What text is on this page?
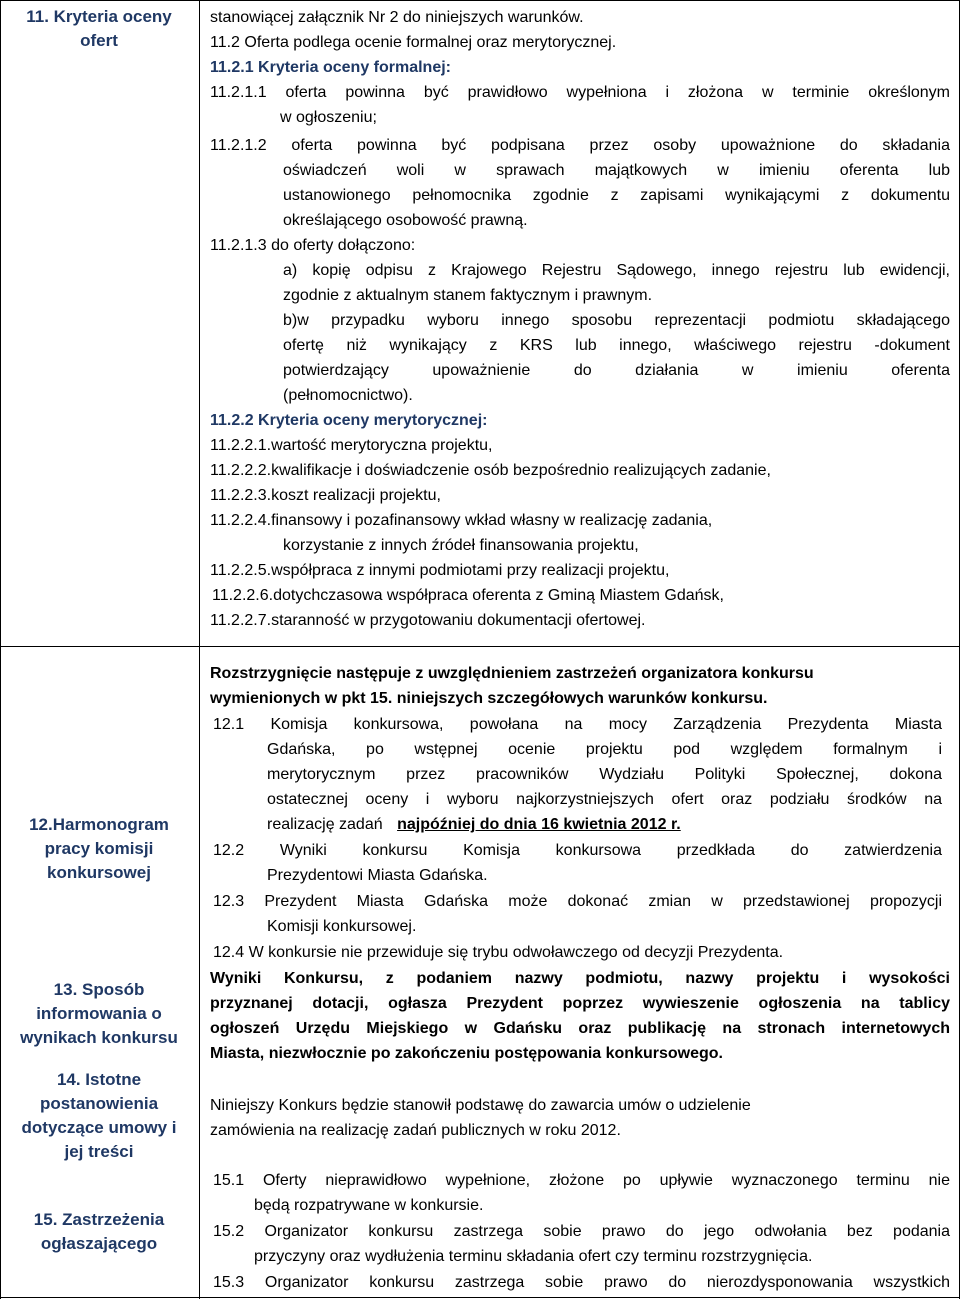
11. Kryteria oceny
ofert
12.Harmonogram
pracy komisji
konkursowej
13. Sposób
informowania o
wynikach konkursu
14. Istotne
postanowienia
dotyczące umowy i
jej treści
15. Zastrzeżenia
ogłaszającego
stanowiącej załącznik Nr 2 do niniejszych warunków.
11.2 Oferta podlega ocenie formalnej oraz merytorycznej.
11.2.1 Kryteria oceny formalnej:
11.2.1.1 oferta powinna być prawidłowo wypełniona i złożona w terminie określonym
w ogłoszeniu;
11.2.1.2 oferta powinna być podpisana przez osoby upoważnione do składania
oświadczeń woli w sprawach majątkowych w imieniu oferenta lub
ustanowionego pełnomocnika zgodnie z zapisami wynikającymi z dokumentu
określającego osobowość prawną.
11.2.1.3 do oferty dołączono:
a) kopię odpisu z Krajowego Rejestru Sądowego, innego rejestru lub ewidencji,
zgodnie z aktualnym stanem faktycznym i prawnym.
b)w przypadku wyboru innego sposobu reprezentacji podmiotu składającego
ofertę niż wynikający z KRS lub innego, właściwego rejestru -dokument
potwierdzający upoważnienie do działania w imieniu oferenta
(pełnomocnictwo).
11.2.2 Kryteria oceny merytorycznej:
11.2.2.1.wartość merytoryczna projektu,
11.2.2.2.kwalifikacje i doświadczenie osób bezpośrednio realizujących zadanie,
11.2.2.3.koszt realizacji projektu,
11.2.2.4.finansowy i pozafinansowy wkład własny w realizację zadania,
korzystanie z innych źródeł finansowania projektu,
11.2.2.5.współpraca z innymi podmiotami przy realizacji projektu,
11.2.2.6.dotychczasowa współpraca oferenta z Gminą Miastem Gdańsk,
11.2.2.7.staranność w przygotowaniu dokumentacji ofertowej.
Rozstrzygnięcie następuje z uwzględnieniem zastrzeżeń organizatora konkursu
wymienionych w pkt 15. niniejszych szczegółowych warunków konkursu.
12.1 Komisja konkursowa, powołana na mocy Zarządzenia Prezydenta Miasta
Gdańska, po wstępnej ocenie projektu pod względem formalnym i
merytorycznym przez pracowników Wydziału Polityki Społecznej, dokona
ostatecznej oceny i wyboru najkorzystniejszych ofert oraz podziału środków na
realizację zadań najpóźniej do dnia 16 kwietnia 2012 r.
12.2 Wyniki konkursu Komisja konkursowa przedkłada do zatwierdzenia
Prezydentowi Miasta Gdańska.
12.3 Prezydent Miasta Gdańska może dokonać zmian w przedstawionej propozycji
Komisji konkursowej.
12.4 W konkursie nie przewiduje się trybu odwoławczego od decyzji Prezydenta.
Wyniki Konkursu, z podaniem nazwy podmiotu, nazwy projektu i wysokości
przyznanej dotacji, ogłasza Prezydent poprzez wywieszenie ogłoszenia na tablicy
ogłoszeń Urzędu Miejskiego w Gdańsku oraz publikację na stronach internetowych
Miasta, niezwłocznie po zakończeniu postępowania konkursowego.
Niniejszy Konkurs będzie stanowił podstawę do zawarcia umów o udzielenie
zamówienia na realizację zadań publicznych w roku 2012.
15.1 Oferty nieprawidłowo wypełnione, złożone po upływie wyznaczonego terminu nie
będą rozpatrywane w konkursie.
15.2 Organizator konkursu zastrzega sobie prawo do jego odwołania bez podania
przyczyny oraz wydłużenia terminu składania ofert czy terminu rozstrzygnięcia.
15.3 Organizator konkursu zastrzega sobie prawo do nierozdysponowania wszystkich
